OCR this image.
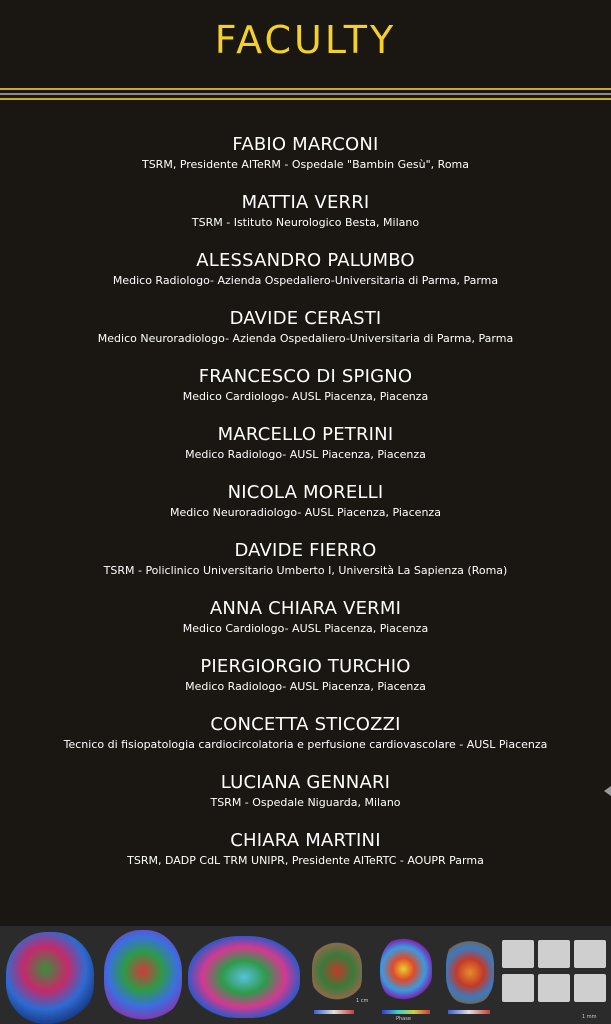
FACULTY
FABIO MARCONI
TSRM, Presidente AITeRM - Ospedale "Bambin Gesù", Roma
MATTIA VERRI
TSRM - Istituto Neurologico Besta, Milano
ALESSANDRO PALUMBO
Medico Radiologo- Azienda Ospedaliero-Universitaria di Parma, Parma
DAVIDE CERASTI
Medico Neuroradiologo- Azienda Ospedaliero-Universitaria di Parma, Parma
FRANCESCO DI SPIGNO
Medico Cardiologo- AUSL Piacenza, Piacenza
MARCELLO PETRINI
Medico Radiologo- AUSL Piacenza, Piacenza
NICOLA MORELLI
Medico Neuroradiologo- AUSL Piacenza, Piacenza
DAVIDE FIERRO
TSRM - Policlinico Universitario Umberto I, Università La Sapienza (Roma)
ANNA CHIARA VERMI
Medico Cardiologo- AUSL Piacenza, Piacenza
PIERGIORGIO TURCHIO
Medico Radiologo- AUSL Piacenza, Piacenza
CONCETTA STICOZZI
Tecnico di fisiopatologia cardiocircolatoria e perfusione cardiovascolare - AUSL Piacenza
LUCIANA GENNARI
TSRM - Ospedale Niguarda, Milano
CHIARA MARTINI
TSRM, DADP CdL TRM UNIPR, Presidente AITeRTC - AOUPR Parma
1 cm
Phase	1 mm
